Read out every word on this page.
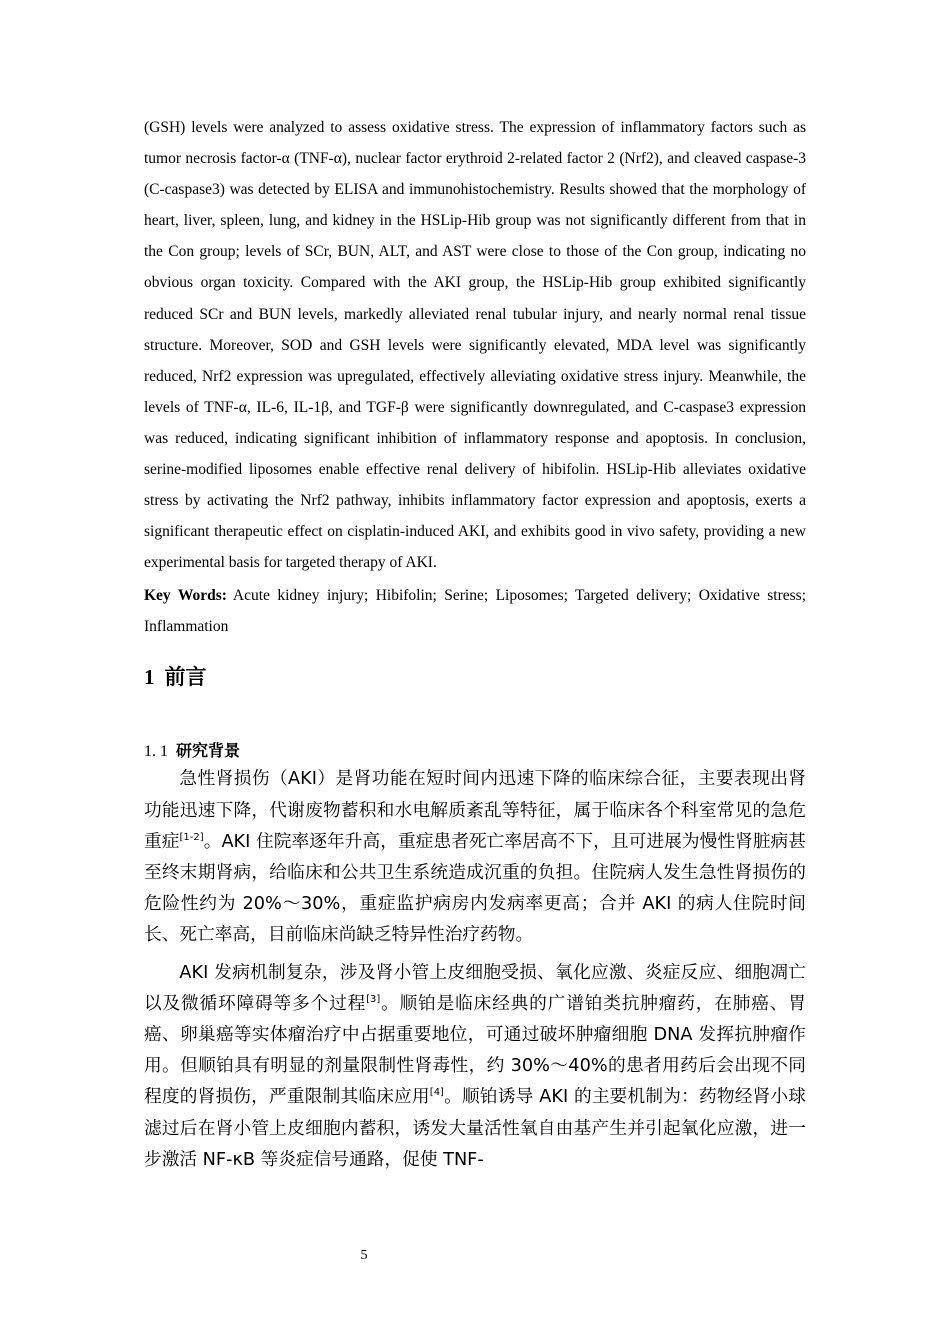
(GSH) levels were analyzed to assess oxidative stress. The expression of inflammatory factors such as tumor necrosis factor-α (TNF-α), nuclear factor erythroid 2-related factor 2 (Nrf2), and cleaved caspase-3 (C-caspase3) was detected by ELISA and immunohistochemistry. Results showed that the morphology of heart, liver, spleen, lung, and kidney in the HSLip-Hib group was not significantly different from that in the Con group; levels of SCr, BUN, ALT, and AST were close to those of the Con group, indicating no obvious organ toxicity. Compared with the AKI group, the HSLip-Hib group exhibited significantly reduced SCr and BUN levels, markedly alleviated renal tubular injury, and nearly normal renal tissue structure. Moreover, SOD and GSH levels were significantly elevated, MDA level was significantly reduced, Nrf2 expression was upregulated, effectively alleviating oxidative stress injury. Meanwhile, the levels of TNF-α, IL-6, IL-1β, and TGF-β were significantly downregulated, and C-caspase3 expression was reduced, indicating significant inhibition of inflammatory response and apoptosis. In conclusion, serine-modified liposomes enable effective renal delivery of hibifolin. HSLip-Hib alleviates oxidative stress by activating the Nrf2 pathway, inhibits inflammatory factor expression and apoptosis, exerts a significant therapeutic effect on cisplatin-induced AKI, and exhibits good in vivo safety, providing a new experimental basis for targeted therapy of AKI.

Key Words: Acute kidney injury; Hibifolin; Serine; Liposomes; Targeted delivery; Oxidative stress; Inflammation

1 前言
1. 1 研究背景

急性肾损伤（AKI）是肾功能在短时间内迅速下降的临床综合征，主要表现出肾功能迅速下降，代谢废物蓄积和水电解质紊乱等特征，属于临床各个科室常见的急危重症[1-2]。AKI 住院率逐年升高，重症患者死亡率居高不下，且可进展为慢性肾脏病甚至终末期肾病，给临床和公共卫生系统造成沉重的负担。住院病人发生急性肾损伤的危险性约为 20%～30%，重症监护病房内发病率更高；合并 AKI 的病人住院时间长、死亡率高，目前临床尚缺乏特异性治疗药物。

AKI 发病机制复杂，涉及肾小管上皮细胞受损、氧化应激、炎症反应、细胞凋亡以及微循环障碍等多个过程[3]。顺铂是临床经典的广谱铂类抗肿瘤药，在肺癌、胃癌、卵巢癌等实体瘤治疗中占据重要地位，可通过破坏肿瘤细胞 DNA 发挥抗肿瘤作用。但顺铂具有明显的剂量限制性肾毒性，约 30%～40%的患者用药后会出现不同程度的肾损伤，严重限制其临床应用[4]。顺铂诱导 AKI 的主要机制为：药物经肾小球滤过后在肾小管上皮细胞内蓄积，诱发大量活性氧自由基产生并引起氧化应激，进一步激活 NF-κB 等炎症信号通路，促使 TNF-

5
